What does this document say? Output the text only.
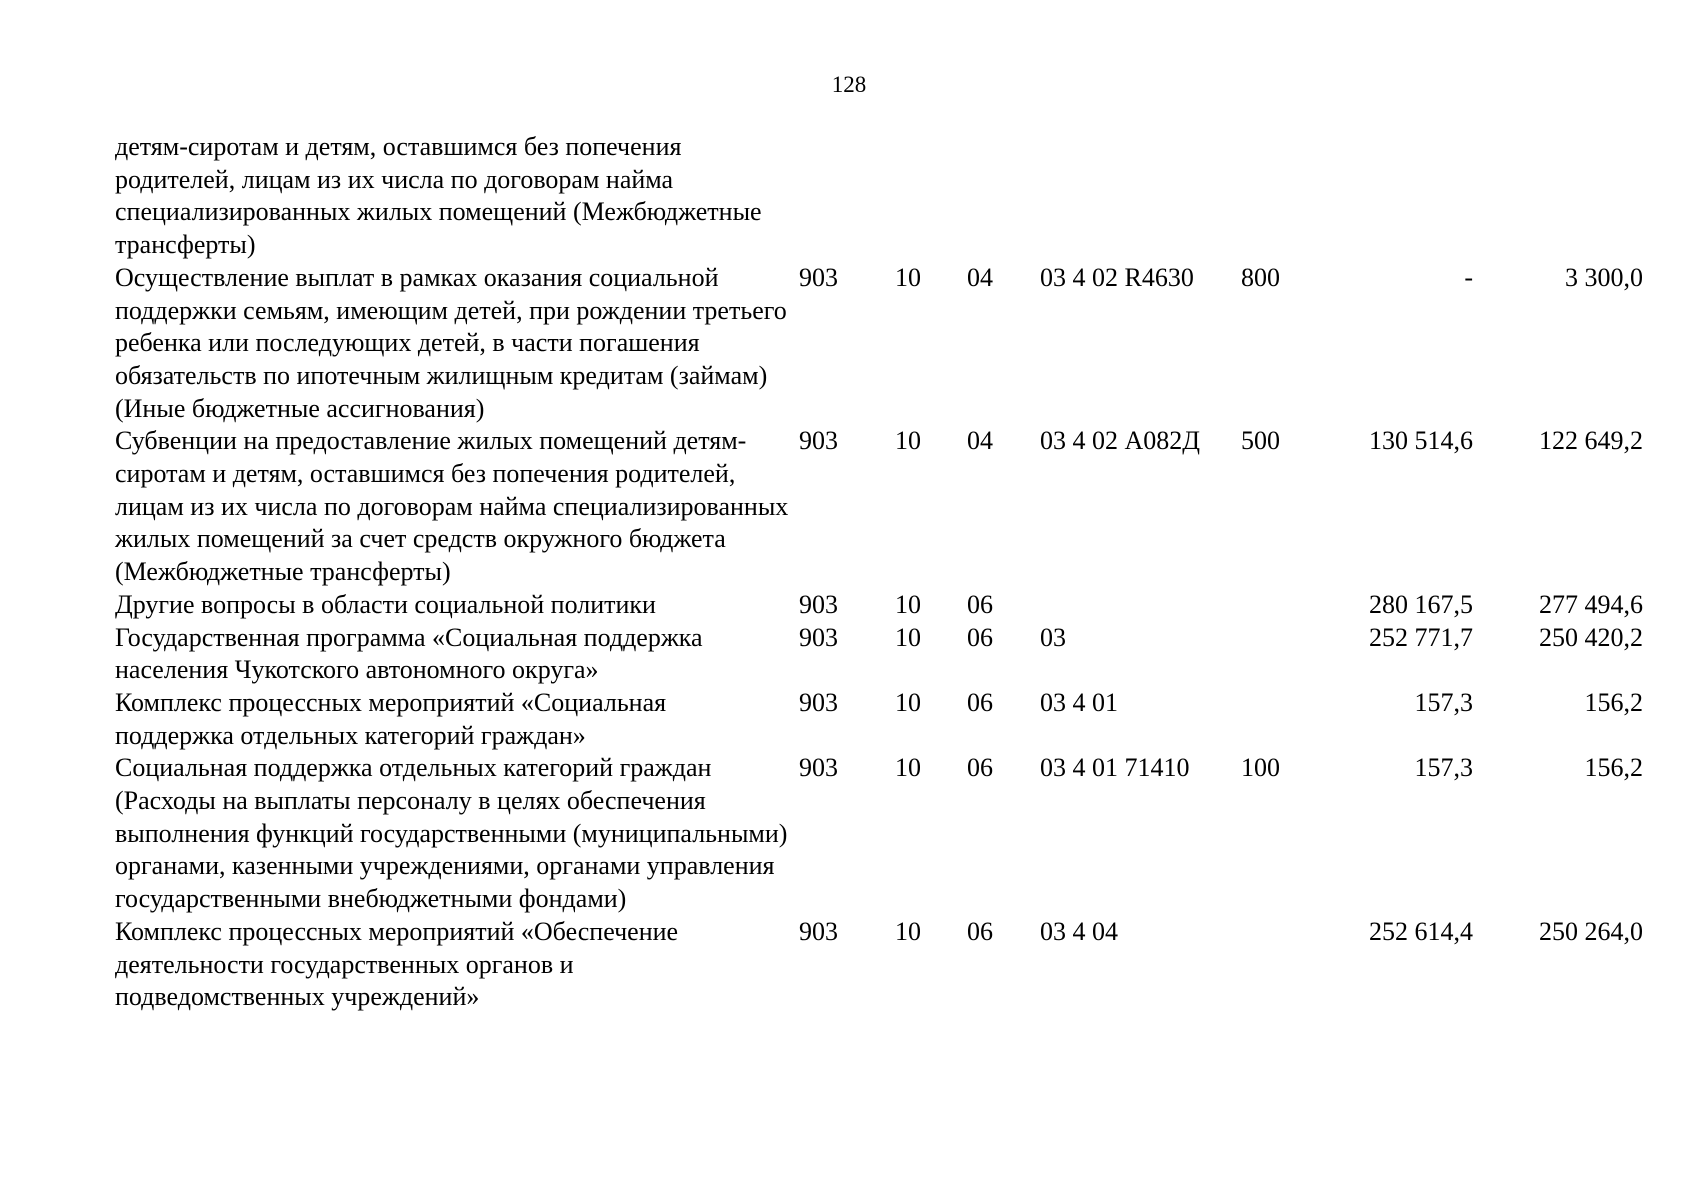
128
детям-сиротам и детям, оставшимся без попечения родителей, лицам из их числа по договорам найма специализированных жилых помещений (Межбюджетные трансферты)							
Осуществление выплат в рамках оказания социальной поддержки семьям, имеющим детей, при рождении третьего ребенка или последующих детей, в части погашения обязательств по ипотечным жилищным кредитам (займам) (Иные бюджетные ассигнования)	903	10	04	03 4 02 R4630	800	-	3 300,0
Субвенции на предоставление жилых помещений детям-сиротам и детям, оставшимся без попечения родителей, лицам из их числа по договорам найма специализированных жилых помещений за счет средств окружного бюджета (Межбюджетные трансферты)	903	10	04	03 4 02 А082Д	500	130 514,6	122 649,2
Другие вопросы в области социальной политики	903	10	06			280 167,5	277 494,6
Государственная программа «Социальная поддержка населения Чукотского автономного округа»	903	10	06	03		252 771,7	250 420,2
Комплекс процессных мероприятий «Социальная поддержка отдельных категорий граждан»	903	10	06	03 4 01		157,3	156,2
Социальная поддержка отдельных категорий граждан (Расходы на выплаты персоналу в целях обеспечения выполнения функций государственными (муниципальными) органами, казенными учреждениями, органами управления государственными внебюджетными фондами)	903	10	06	03 4 01 71410	100	157,3	156,2
Комплекс процессных мероприятий «Обеспечение деятельности государственных органов и подведомственных учреждений»	903	10	06	03 4 04		252 614,4	250 264,0
